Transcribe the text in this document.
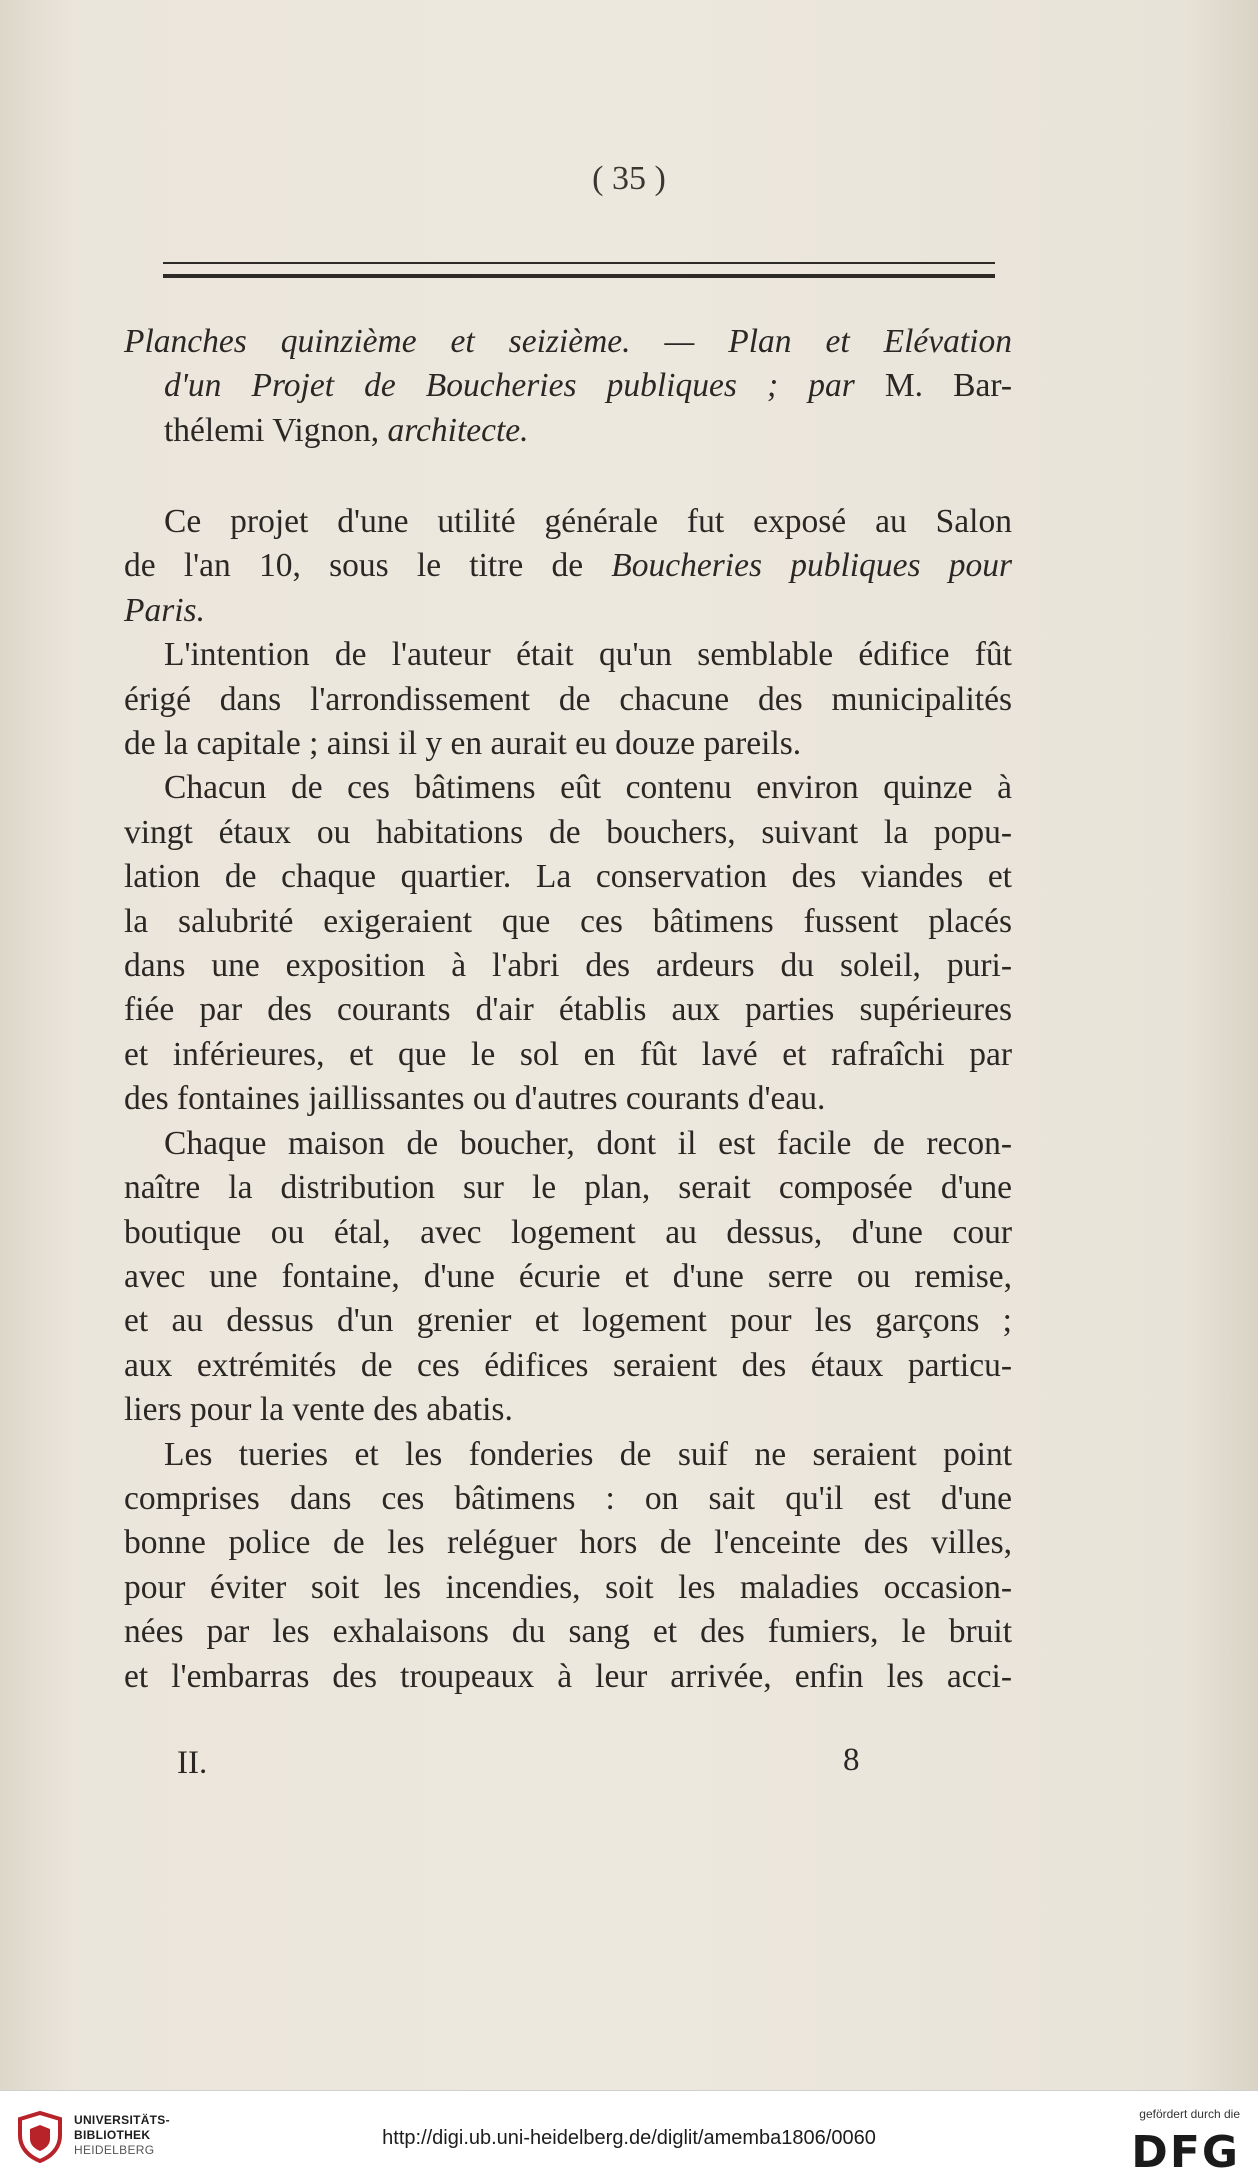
( 35 )
Planches quinzième et seizième. — Plan et Elévation
d'un Projet de Boucheries publiques ; par M. Bar-
thélemi Vignon, architecte.
Ce projet d'une utilité générale fut exposé au Salon
de l'an 10, sous le titre de Boucheries publiques pour
Paris.
L'intention de l'auteur était qu'un semblable édifice fût
érigé dans l'arrondissement de chacune des municipalités
de la capitale ; ainsi il y en aurait eu douze pareils.
Chacun de ces bâtimens eût contenu environ quinze à
vingt étaux ou habitations de bouchers, suivant la popu-
lation de chaque quartier. La conservation des viandes et
la salubrité exigeraient que ces bâtimens fussent placés
dans une exposition à l'abri des ardeurs du soleil, puri-
fiée par des courants d'air établis aux parties supérieures
et inférieures, et que le sol en fût lavé et rafraîchi par
des fontaines jaillissantes ou d'autres courants d'eau.
Chaque maison de boucher, dont il est facile de recon-
naître la distribution sur le plan, serait composée d'une
boutique ou étal, avec logement au dessus, d'une cour
avec une fontaine, d'une écurie et d'une serre ou remise,
et au dessus d'un grenier et logement pour les garçons ;
aux extrémités de ces édifices seraient des étaux particu-
liers pour la vente des abatis.
Les tueries et les fonderies de suif ne seraient point
comprises dans ces bâtimens : on sait qu'il est d'une
bonne police de les reléguer hors de l'enceinte des villes,
pour éviter soit les incendies, soit les maladies occasion-
nées par les exhalaisons du sang et des fumiers, le bruit
et l'embarras des troupeaux à leur arrivée, enfin les acci-
II.	8
UNIVERSITÄTS-
BIBLIOTHEK
HEIDELBERG
http://digi.ub.uni-heidelberg.de/diglit/amemba1806/0060
gefördert durch die
DFG
